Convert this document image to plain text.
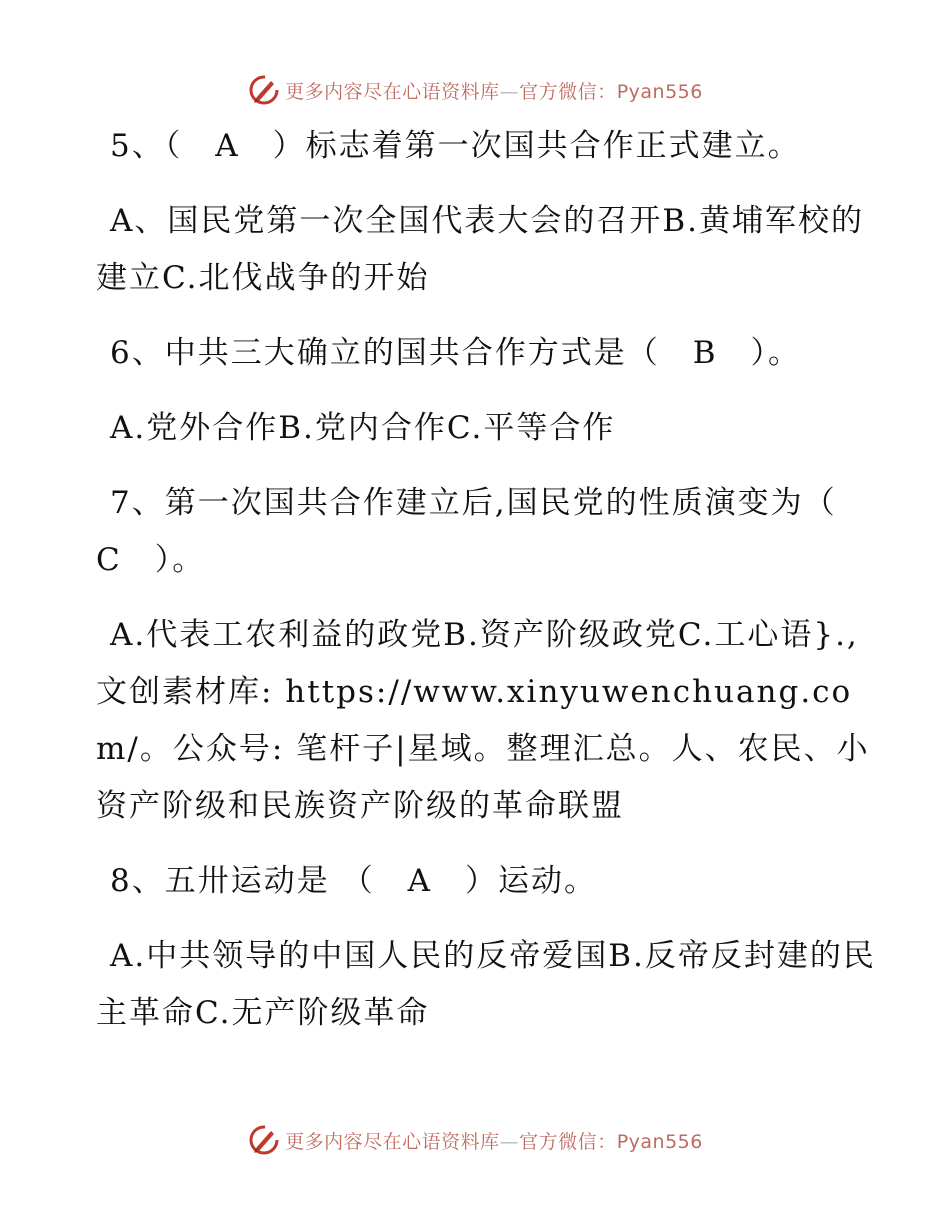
更多内容尽在心语资料库—官方微信：Pyan556

5、（　A　）标志着第一次国共合作正式建立。

A、国民党第一次全国代表大会的召开B.黄埔军校的建立C.北伐战争的开始

6、中共三大确立的国共合作方式是（　B　）。

A.党外合作B.党内合作C.平等合作

7、第一次国共合作建立后,国民党的性质演变为（　C　）。

A.代表工农利益的政党B.资产阶级政党C.工心语}.,文创素材库: https://www.xinyuwenchuang.com/。公众号: 笔杆子|星域。整理汇总。人、农民、小资产阶级和民族资产阶级的革命联盟

8、五卅运动是 （　A　）运动。

A.中共领导的中国人民的反帝爱国B.反帝反封建的民主革命C.无产阶级革命

更多内容尽在心语资料库—官方微信：Pyan556
